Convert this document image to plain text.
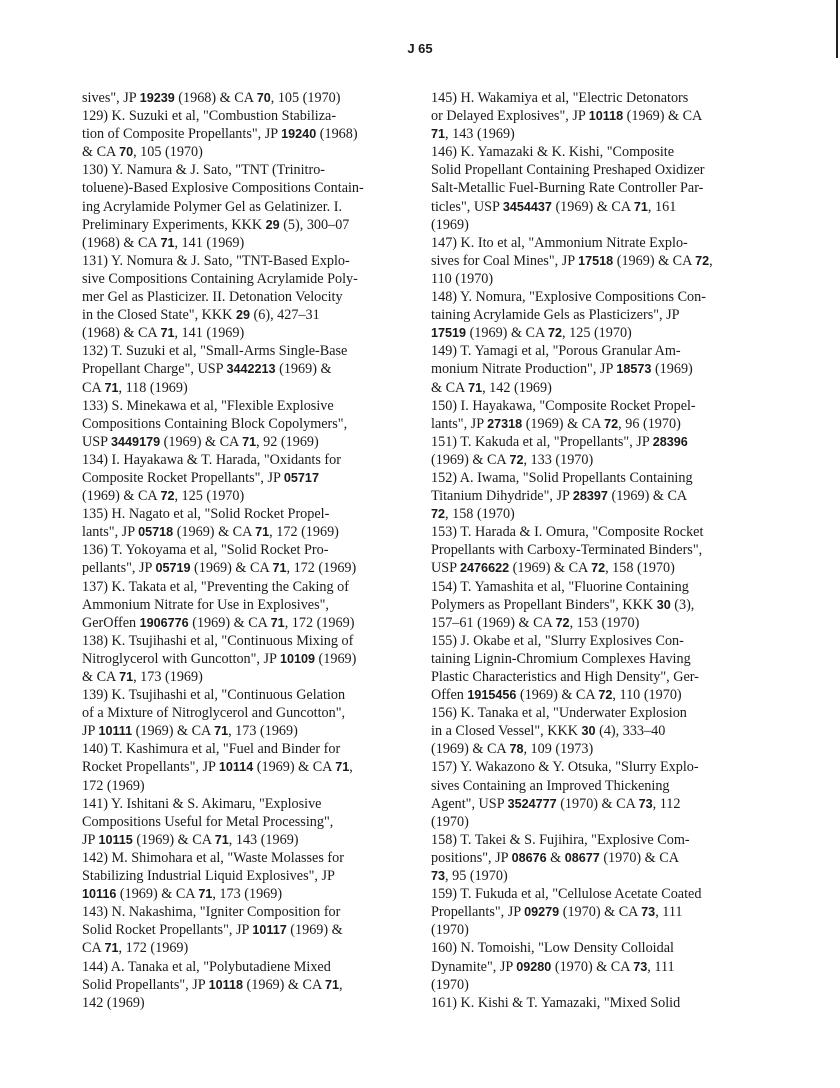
J 65
sives", JP 19239 (1968) & CA 70, 105 (1970)
129) K. Suzuki et al, "Combustion Stabiliza-
tion of Composite Propellants", JP 19240 (1968)
& CA 70, 105 (1970)
130) Y. Namura & J. Sato, "TNT (Trinitro-
toluene)-Based Explosive Compositions Contain-
ing Acrylamide Polymer Gel as Gelatinizer. I.
Preliminary Experiments, KKK 29 (5), 300–07
(1968) & CA 71, 141 (1969)
131) Y. Nomura & J. Sato, "TNT-Based Explo-
sive Compositions Containing Acrylamide Poly-
mer Gel as Plasticizer. II. Detonation Velocity
in the Closed State", KKK 29 (6), 427–31
(1968) & CA 71, 141 (1969)
132) T. Suzuki et al, "Small-Arms Single-Base
Propellant Charge", USP 3442213 (1969) &
CA 71, 118 (1969)
133) S. Minekawa et al, "Flexible Explosive
Compositions Containing Block Copolymers",
USP 3449179 (1969) & CA 71, 92 (1969)
134) I. Hayakawa & T. Harada, "Oxidants for
Composite Rocket Propellants", JP 05717
(1969) & CA 72, 125 (1970)
135) H. Nagato et al, "Solid Rocket Propel-
lants", JP 05718 (1969) & CA 71, 172 (1969)
136) T. Yokoyama et al, "Solid Rocket Pro-
pellants", JP 05719 (1969) & CA 71, 172 (1969)
137) K. Takata et al, "Preventing the Caking of
Ammonium Nitrate for Use in Explosives",
GerOffen 1906776 (1969) & CA 71, 172 (1969)
138) K. Tsujihashi et al, "Continuous Mixing of
Nitroglycerol with Guncotton", JP 10109 (1969)
& CA 71, 173 (1969)
139) K. Tsujihashi et al, "Continuous Gelation
of a Mixture of Nitroglycerol and Guncotton",
JP 10111 (1969) & CA 71, 173 (1969)
140) T. Kashimura et al, "Fuel and Binder for
Rocket Propellants", JP 10114 (1969) & CA 71,
172 (1969)
141) Y. Ishitani & S. Akimaru, "Explosive
Compositions Useful for Metal Processing",
JP 10115 (1969) & CA 71, 143 (1969)
142) M. Shimohara et al, "Waste Molasses for
Stabilizing Industrial Liquid Explosives", JP
10116 (1969) & CA 71, 173 (1969)
143) N. Nakashima, "Igniter Composition for
Solid Rocket Propellants", JP 10117 (1969) &
CA 71, 172 (1969)
144) A. Tanaka et al, "Polybutadiene Mixed
Solid Propellants", JP 10118 (1969) & CA 71,
142 (1969)
145) H. Wakamiya et al, "Electric Detonators
or Delayed Explosives", JP 10118 (1969) & CA
71, 143 (1969)
146) K. Yamazaki & K. Kishi, "Composite
Solid Propellant Containing Preshaped Oxidizer
Salt-Metallic Fuel-Burning Rate Controller Par-
ticles", USP 3454437 (1969) & CA 71, 161
(1969)
147) K. Ito et al, "Ammonium Nitrate Explo-
sives for Coal Mines", JP 17518 (1969) & CA 72,
110 (1970)
148) Y. Nomura, "Explosive Compositions Con-
taining Acrylamide Gels as Plasticizers", JP
17519 (1969) & CA 72, 125 (1970)
149) T. Yamagi et al, "Porous Granular Am-
monium Nitrate Production", JP 18573 (1969)
& CA 71, 142 (1969)
150) I. Hayakawa, "Composite Rocket Propel-
lants", JP 27318 (1969) & CA 72, 96 (1970)
151) T. Kakuda et al, "Propellants", JP 28396
(1969) & CA 72, 133 (1970)
152) A. Iwama, "Solid Propellants Containing
Titanium Dihydride", JP 28397 (1969) & CA
72, 158 (1970)
153) T. Harada & I. Omura, "Composite Rocket
Propellants with Carboxy-Terminated Binders",
USP 2476622 (1969) & CA 72, 158 (1970)
154) T. Yamashita et al, "Fluorine Containing
Polymers as Propellant Binders", KKK 30 (3),
157–61 (1969) & CA 72, 153 (1970)
155) J. Okabe et al, "Slurry Explosives Con-
taining Lignin-Chromium Complexes Having
Plastic Characteristics and High Density", Ger-
Offen 1915456 (1969) & CA 72, 110 (1970)
156) K. Tanaka et al, "Underwater Explosion
in a Closed Vessel", KKK 30 (4), 333–40
(1969) & CA 78, 109 (1973)
157) Y. Wakazono & Y. Otsuka, "Slurry Explo-
sives Containing an Improved Thickening
Agent", USP 3524777 (1970) & CA 73, 112
(1970)
158) T. Takei & S. Fujihira, "Explosive Com-
positions", JP 08676 & 08677 (1970) & CA
73, 95 (1970)
159) T. Fukuda et al, "Cellulose Acetate Coated
Propellants", JP 09279 (1970) & CA 73, 111
(1970)
160) N. Tomoishi, "Low Density Colloidal
Dynamite", JP 09280 (1970) & CA 73, 111
(1970)
161) K. Kishi & T. Yamazaki, "Mixed Solid
